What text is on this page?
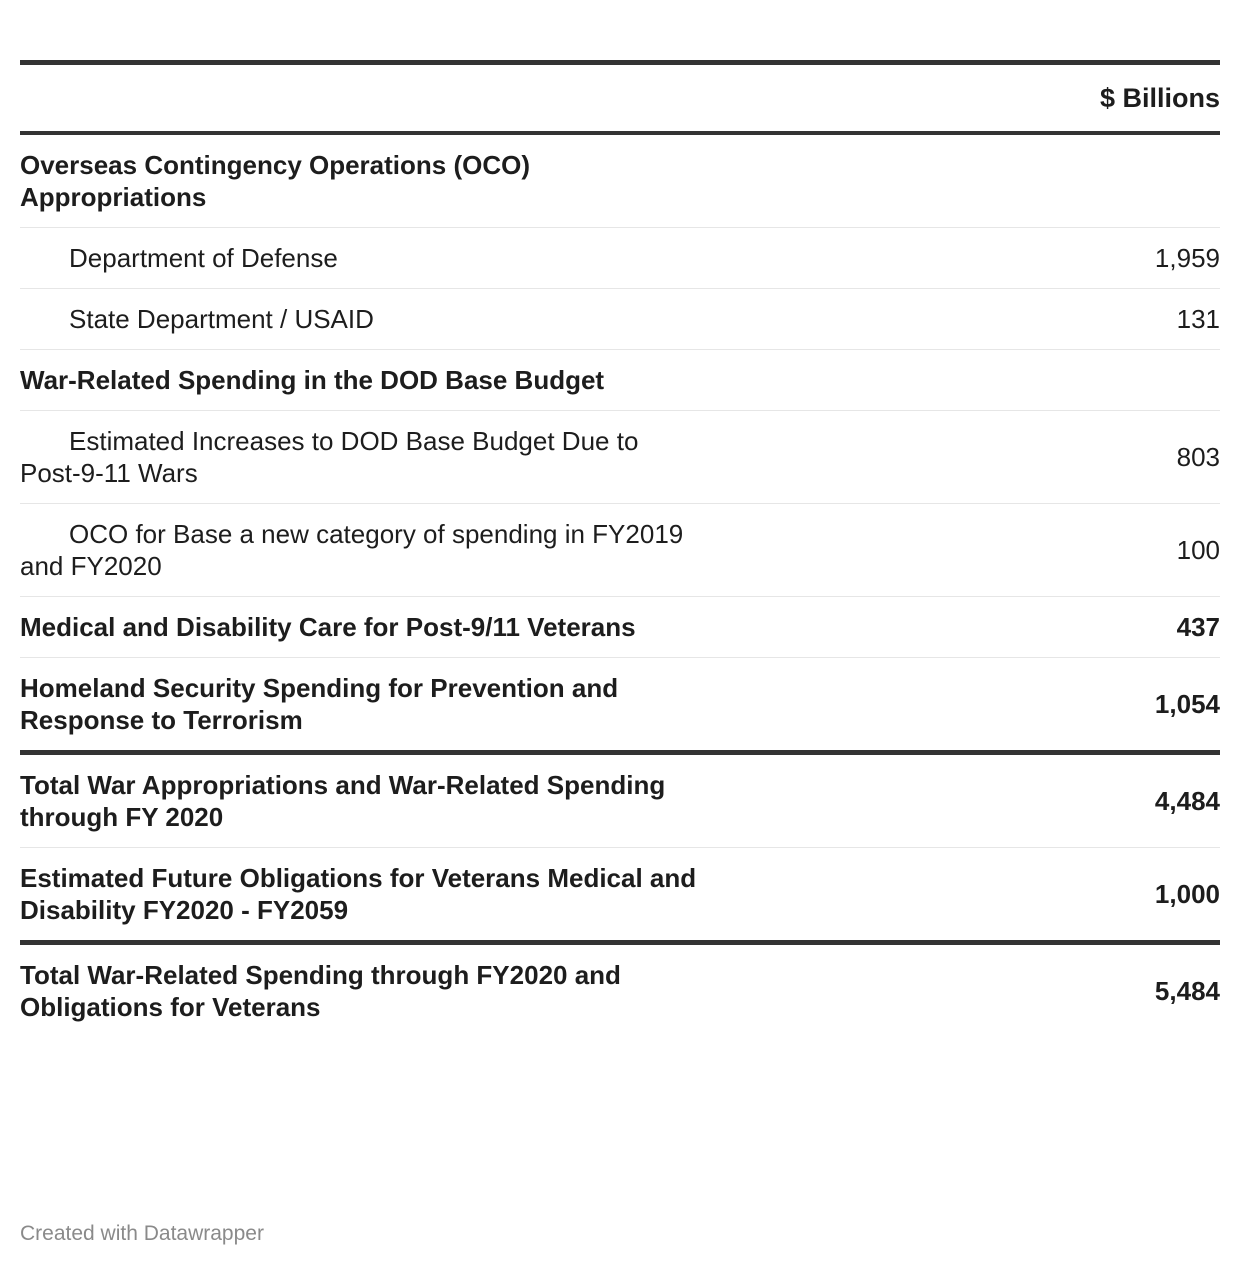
	$ Billions
Overseas Contingency Operations (OCO) Appropriations	
Department of Defense	1,959
State Department / USAID	131
War-Related Spending in the DOD Base Budget	
Estimated Increases to DOD Base Budget Due to Post-9-11 Wars	803
OCO for Base a new category of spending in FY2019 and FY2020	100
Medical and Disability Care for Post-9/11 Veterans	437
Homeland Security Spending for Prevention and Response to Terrorism	1,054
Total War Appropriations and War-Related Spending through FY 2020	4,484
Estimated Future Obligations for Veterans Medical and Disability FY2020 - FY2059	1,000
Total War-Related Spending through FY2020 and Obligations for Veterans	5,484
Created with Datawrapper
